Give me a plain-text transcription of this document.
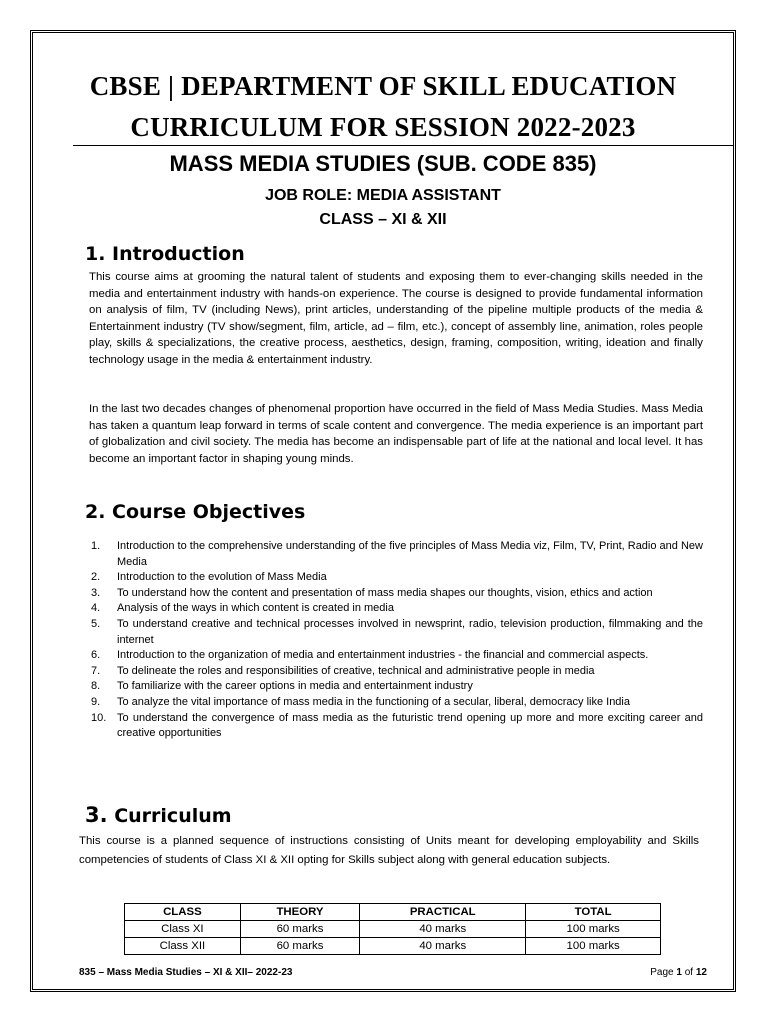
CBSE | DEPARTMENT OF SKILL EDUCATION
CURRICULUM FOR SESSION 2022-2023
MASS MEDIA STUDIES (SUB. CODE 835)
JOB ROLE: MEDIA ASSISTANT
CLASS – XI & XII
1. Introduction

This course aims at grooming the natural talent of students and exposing them to ever-changing skills needed in the media and entertainment industry with hands-on experience. The course is designed to provide fundamental information on analysis of film, TV (including News), print articles, understanding of the pipeline multiple products of the media & Entertainment industry (TV show/segment, film, article, ad – film, etc.), concept of assembly line, animation, roles people play, skills & specializations, the creative process, aesthetics, design, framing, composition, writing, ideation and finally technology usage in the media & entertainment industry.

In the last two decades changes of phenomenal proportion have occurred in the field of Mass Media Studies. Mass Media has taken a quantum leap forward in terms of scale content and convergence. The media experience is an important part of globalization and civil society. The media has become an indispensable part of life at the national and local level. It has become an important factor in shaping young minds.

2. Course Objectives
1. Introduction to the comprehensive understanding of the five principles of Mass Media viz, Film, TV, Print, Radio and New Media
2. Introduction to the evolution of Mass Media
3. To understand how the content and presentation of mass media shapes our thoughts, vision, ethics and action
4. Analysis of the ways in which content is created in media
5. To understand creative and technical processes involved in newsprint, radio, television production, filmmaking and the internet
6. Introduction to the organization of media and entertainment industries - the financial and commercial aspects.
7. To delineate the roles and responsibilities of creative, technical and administrative people in media
8. To familiarize with the career options in media and entertainment industry
9. To analyze the vital importance of mass media in the functioning of a secular, liberal, democracy like India
10. To understand the convergence of mass media as the futuristic trend opening up more and more exciting career and creative opportunities
3. Curriculum

This course is a planned sequence of instructions consisting of Units meant for developing employability and Skills competencies of students of Class XI & XII opting for Skills subject along with general education subjects.

CLASS	THEORY	PRACTICAL	TOTAL
Class XI	60 marks	40 marks	100 marks
Class XII	60 marks	40 marks	100 marks
835 – Mass Media Studies – XI & XII– 2022-23	Page 1 of 12
